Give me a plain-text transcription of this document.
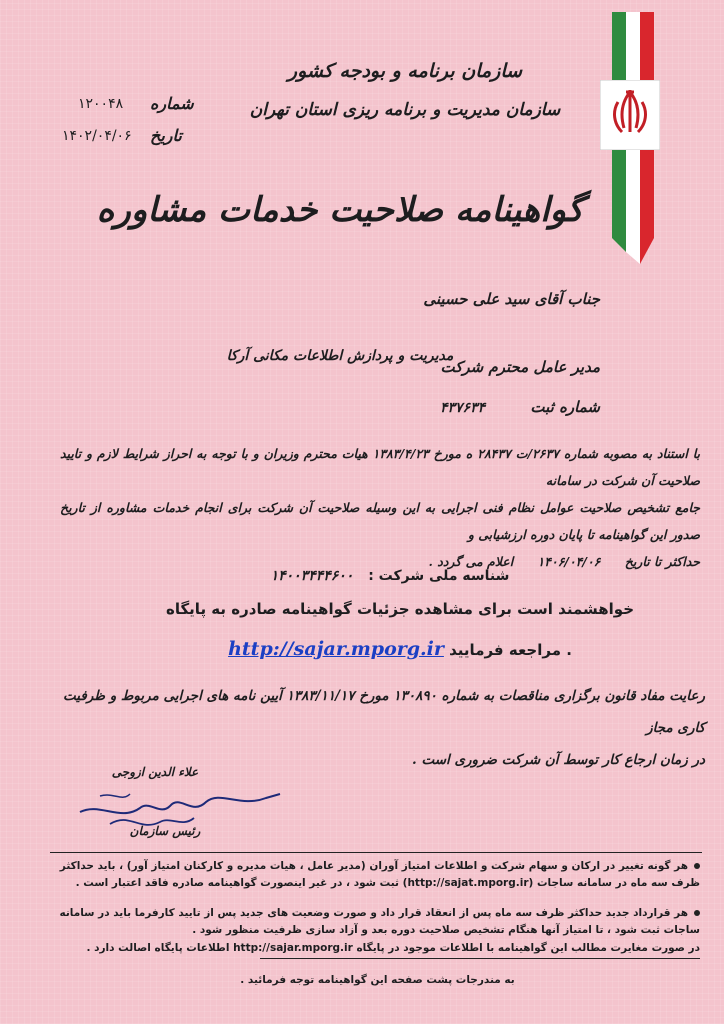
سازمان برنامه و بودجه کشور
سازمان مدیریت و برنامه ریزی استان تهران
شماره
۱۲۰۰۴۸
تاریخ
۱۴۰۲/۰۴/۰۶
گواهینامه صلاحیت خدمات مشاوره
جناب آقای سید علی حسینی
مدیر عامل محترم شرکت
مدیریت و پردازش اطلاعات مکانی آرکا
شماره ثبت
۴۳۷۶۳۴
با استناد به مصوبه شماره ۲۶۳۷/ت ۲۸۴۳۷ ه مورخ ۱۳۸۳/۴/۲۳ هیات محترم وزیران و با توجه به احراز شرایط لازم و تایید صلاحیت آن شرکت در سامانه
جامع تشخیص صلاحیت عوامل نظام فنی اجرایی به این وسیله صلاحیت آن شرکت برای انجام خدمات مشاوره از تاریخ صدور این گواهینامه تا پایان دوره ارزشیابی و
حداکثر تا تاریخ ۱۴۰۶/۰۴/۰۶ اعلام می گردد .
شناسه ملی شرکت : ۱۴۰۰۳۴۴۴۶۰۰
خواهشمند است برای مشاهده جزئیات گواهینامه صادره به پایگاه
http://sajar.mporg.ir مراجعه فرمایید .
رعایت مفاد قانون برگزاری مناقصات به شماره ۱۳۰۸۹۰ مورخ ۱۳۸۳/۱۱/۱۷ آیین نامه های اجرایی مربوط و ظرفیت کاری مجاز
در زمان ارجاع کار توسط آن شرکت ضروری است .
علاء الدین ازوجی
رئیس سازمان
هر گونه تغییر در ارکان و سهام شرکت و اطلاعات امتیاز آوران (مدیر عامل ، هیات مدیره و کارکنان امتیاز آور) ، باید حداکثر ظرف سه ماه در سامانه ساجات (http://sajat.mporg.ir) ثبت شود ، در غیر اینصورت گواهینامه صادره فاقد اعتبار است .
هر قرارداد جدید حداکثر ظرف سه ماه پس از انعقاد قرار داد و صورت وضعیت های جدید پس از تایید کارفرما باید در سامانه ساجات ثبت شود ، تا امتیاز آنها هنگام تشخیص صلاحیت دوره بعد و آزاد سازی ظرفیت منظور شود .
در صورت مغایرت مطالب این گواهینامه با اطلاعات موجود در پایگاه http://sajar.mporg.ir اطلاعات پایگاه اصالت دارد .
به مندرجات پشت صفحه این گواهینامه توجه فرمائید .
